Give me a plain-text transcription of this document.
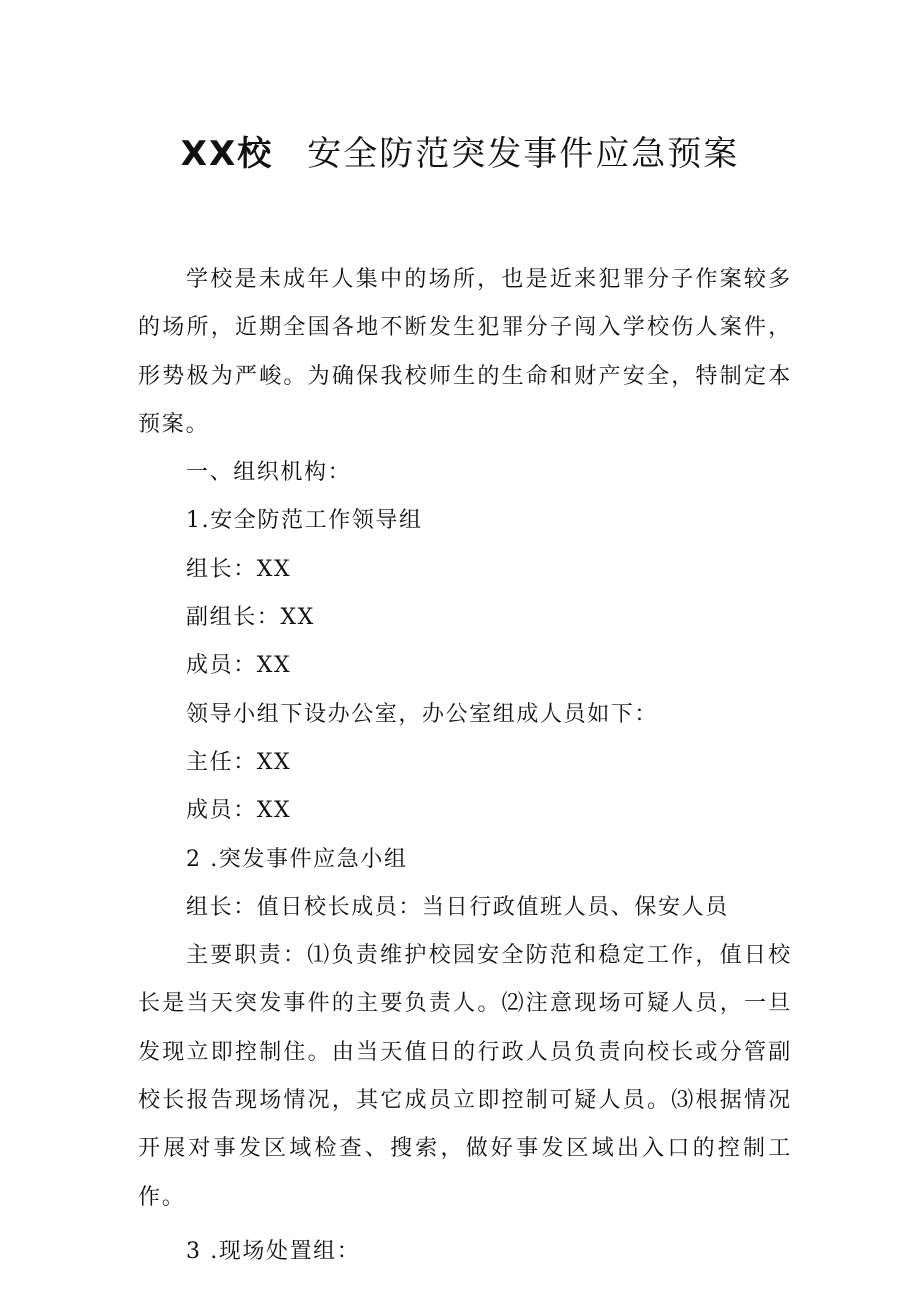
XX校 安全防范突发事件应急预案

学校是未成年人集中的场所，也是近来犯罪分子作案较多的场所，近期全国各地不断发生犯罪分子闯入学校伤人案件，形势极为严峻。为确保我校师生的生命和财产安全，特制定本预案。

一、组织机构：

1.安全防范工作领导组

组长：XX

副组长：XX

成员：XX

领导小组下设办公室，办公室组成人员如下：

主任：XX

成员：XX

2 .突发事件应急小组

组长：值日校长成员：当日行政值班人员、保安人员

主要职责：⑴负责维护校园安全防范和稳定工作，值日校长是当天突发事件的主要负责人。⑵注意现场可疑人员，一旦发现立即控制住。由当天值日的行政人员负责向校长或分管副校长报告现场情况，其它成员立即控制可疑人员。⑶根据情况开展对事发区域检查、搜索，做好事发区域出入口的控制工作。

3 .现场处置组：
